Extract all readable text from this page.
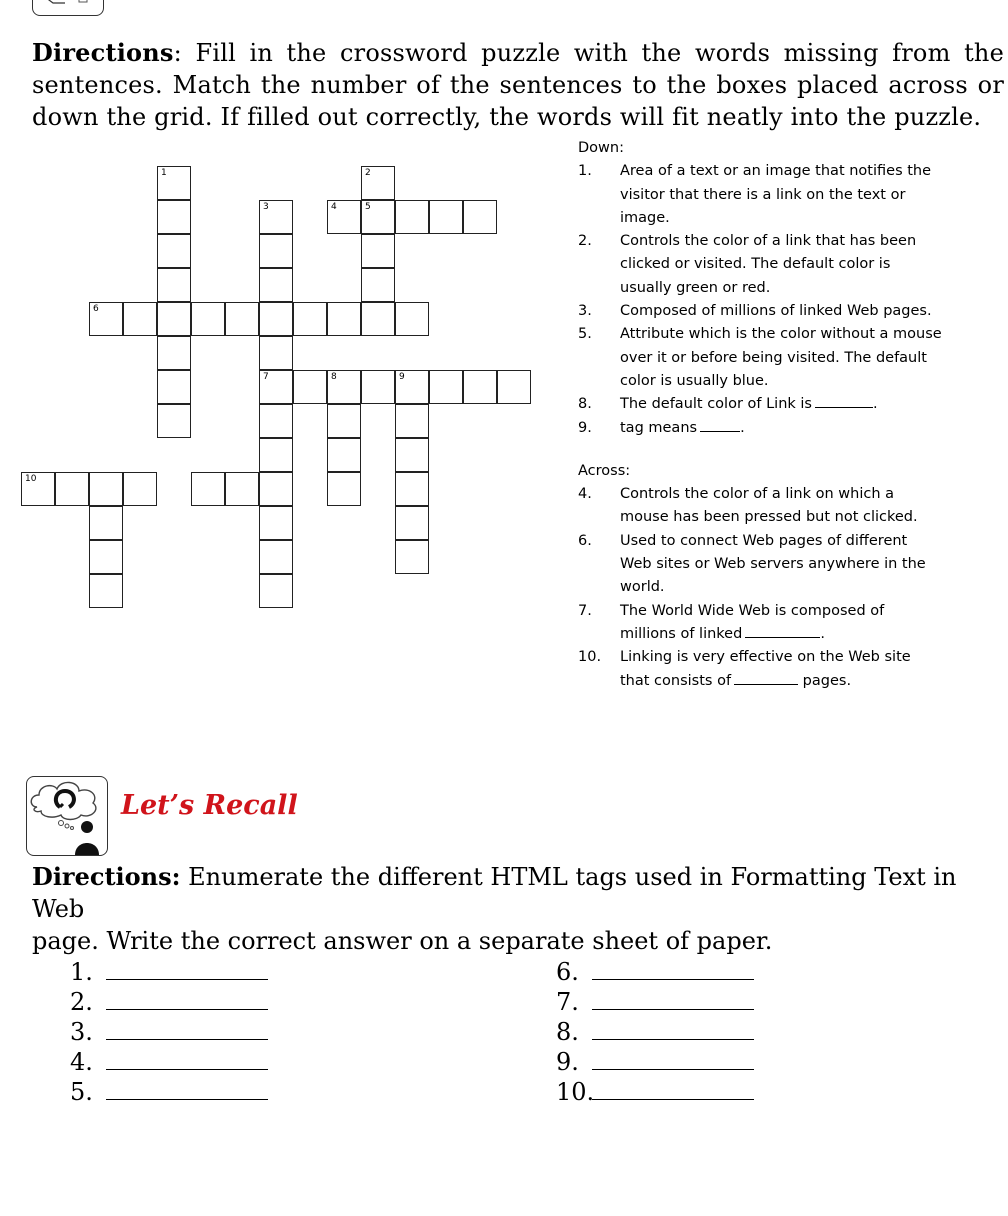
Directions: Fill in the crossword puzzle with the words missing from the
sentences. Match the number of the sentences to the boxes placed across or
down the grid. If filled out correctly, the words will fit neatly into the puzzle.
1	2
5
4
3
6
7	8	9
10
Down:
1.	Area of a text or an image that notifies the
visitor that there is a link on the text or
image.
2.	Controls the color of a link that has been
clicked or visited. The default color is
usually green or red.
3.	Composed of millions of linked Web pages.
5.	Attribute which is the color without a mouse
over it or before being visited. The default
color is usually blue.
8.	The default color of Link is	.
9.	tag means	.
Across:
4.	Controls the color of a link on which a
mouse has been pressed but not clicked.
6.	Used to connect Web pages of different
Web sites or Web servers anywhere in the
world.
7.	The World Wide Web is composed of
millions of linked	.
10.	Linking is very effective on the Web site
that consists of	pages.
Let’s Recall
Directions: Enumerate the different HTML tags used in Formatting Text in Web
page. Write the correct answer on a separate sheet of paper.
1.
2.
3.
4.
5.
6.
7.
8.
9.
10.
